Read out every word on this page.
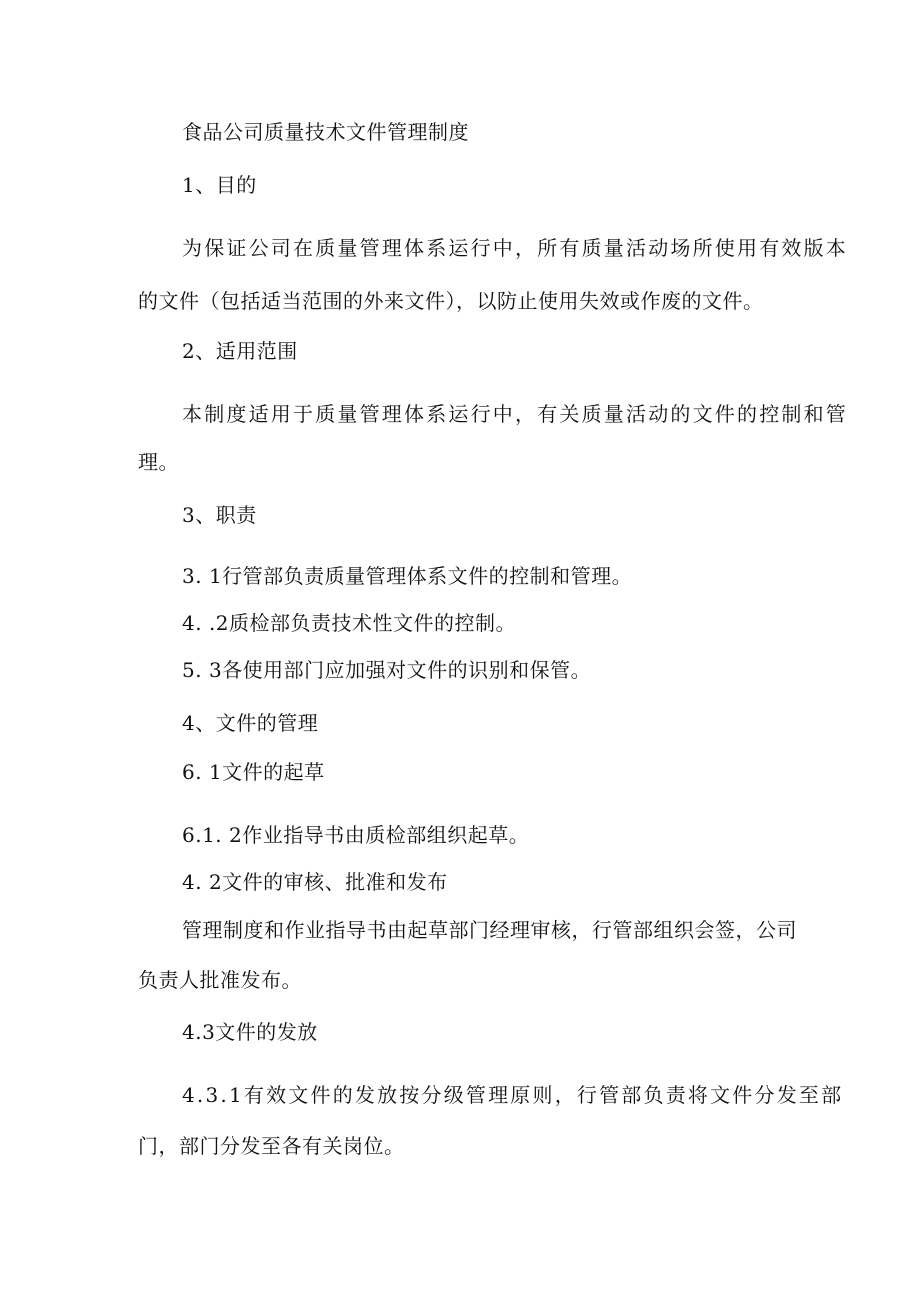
食品公司质量技术文件管理制度
1、目的
为保证公司在质量管理体系运行中，所有质量活动场所使用有效版本
的文件（包括适当范围的外来文件），以防止使用失效或作废的文件。
2、适用范围
本制度适用于质量管理体系运行中，有关质量活动的文件的控制和管
理。
3、职责
3. 1行管部负责质量管理体系文件的控制和管理。
4. .2质检部负责技术性文件的控制。
5. 3各使用部门应加强对文件的识别和保管。
4、文件的管理
6. 1文件的起草
6.1. 2作业指导书由质检部组织起草。
4. 2文件的审核、批准和发布
管理制度和作业指导书由起草部门经理审核，行管部组织会签，公司
负责人批准发布。
4.3文件的发放
4.3.1有效文件的发放按分级管理原则，行管部负责将文件分发至部
门，部门分发至各有关岗位。
